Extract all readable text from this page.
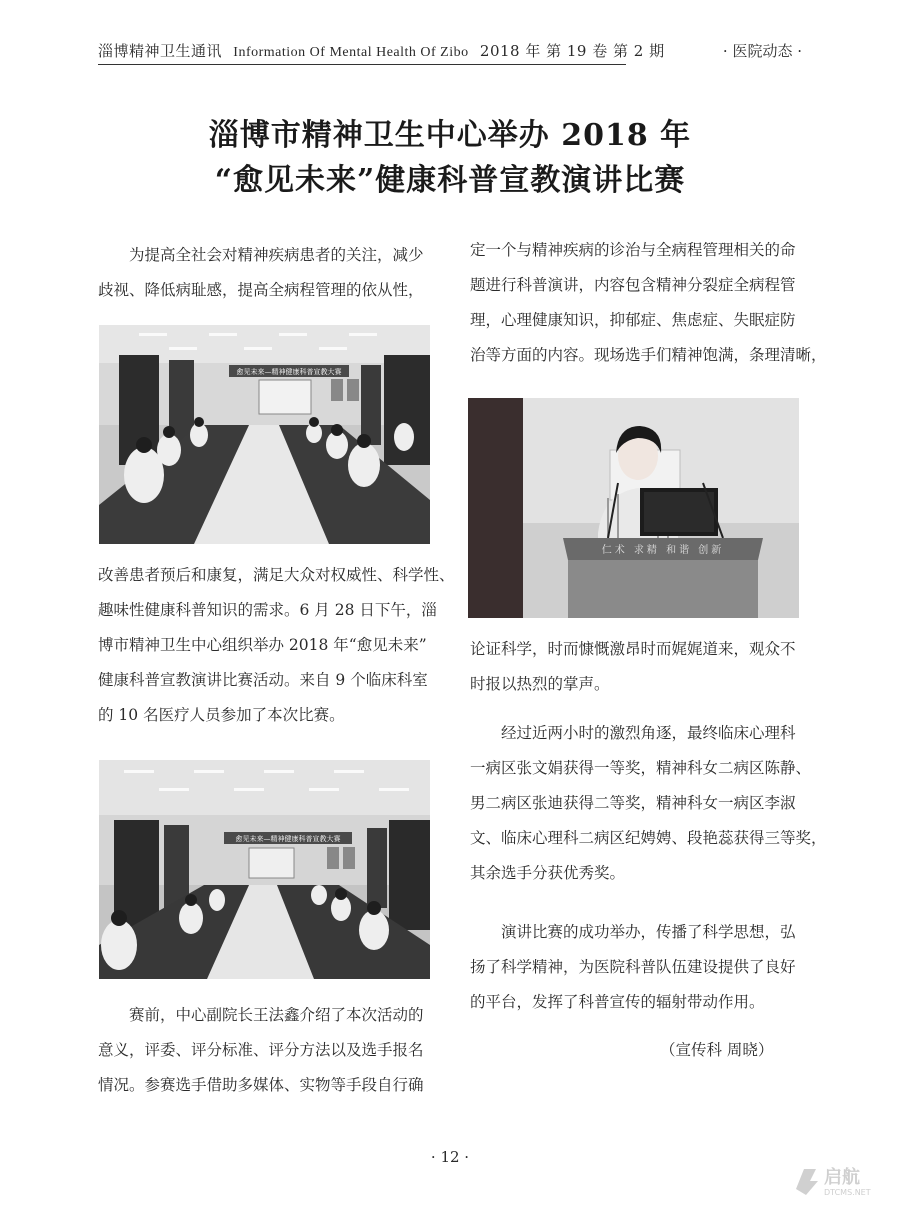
淄博精神卫生通讯 Information Of Mental Health Of Zibo 2018 年 第 19 卷 第 2 期	· 医院动态 ·
淄博市精神卫生中心举办 2018 年
“愈见未来”健康科普宣教演讲比赛
为提高全社会对精神疾病患者的关注，减少
歧视、降低病耻感，提高全病程管理的依从性，
愈见未来—精神健康科普宣教大赛
改善患者预后和康复，满足大众对权威性、科学性、
趣味性健康科普知识的需求。6 月 28 日下午，淄
博市精神卫生中心组织举办 2018 年“愈见未来”
健康科普宣教演讲比赛活动。来自 9 个临床科室
的 10 名医疗人员参加了本次比赛。
愈见未来—精神健康科普宣教大赛
赛前，中心副院长王法鑫介绍了本次活动的
意义，评委、评分标准、评分方法以及选手报名
情况。参赛选手借助多媒体、实物等手段自行确
定一个与精神疾病的诊治与全病程管理相关的命
题进行科普演讲，内容包含精神分裂症全病程管
理，心理健康知识，抑郁症、焦虑症、失眠症防
治等方面的内容。现场选手们精神饱满，条理清晰，
仁术 求精 和谐 创新
论证科学，时而慷慨激昂时而娓娓道来，观众不
时报以热烈的掌声。
经过近两小时的激烈角逐，最终临床心理科
一病区张文娟获得一等奖，精神科女二病区陈静、
男二病区张迪获得二等奖，精神科女一病区李淑
文、临床心理科二病区纪娉娉、段艳蕊获得三等奖，
其余选手分获优秀奖。
演讲比赛的成功举办，传播了科学思想，弘
扬了科学精神，为医院科普队伍建设提供了良好
的平台，发挥了科普宣传的辐射带动作用。
（宣传科 周晓）
· 12 ·
启航
DTCMS.NET
